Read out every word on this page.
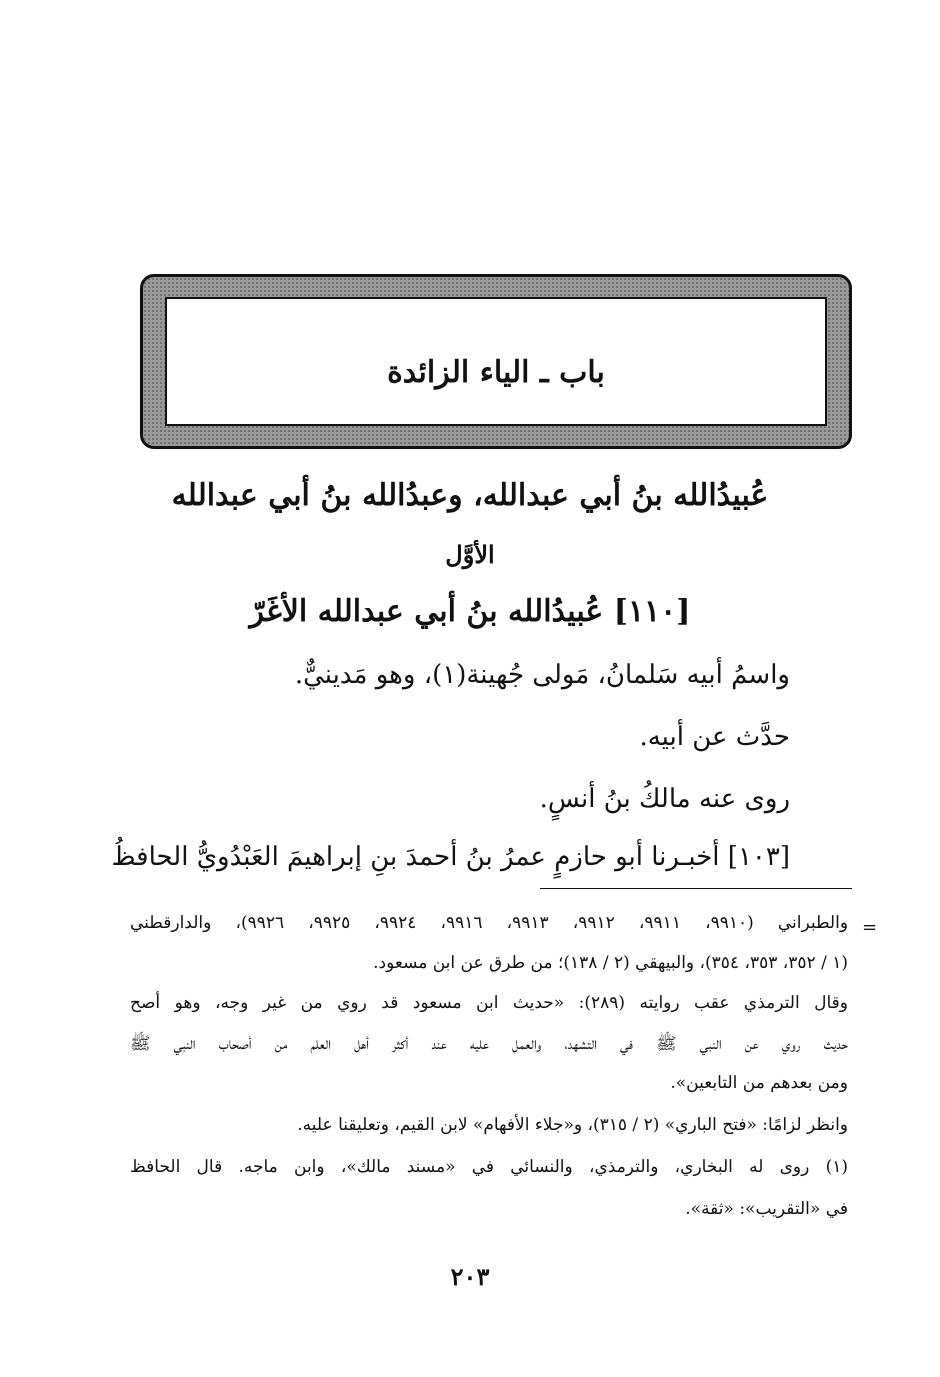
باب ـ الياء الزائدة
عُبيدُالله بنُ أبي عبدالله، وعبدُالله بنُ أبي عبدالله
الأوَّل
[١١٠] عُبيدُالله بنُ أبي عبدالله الأغَرّ
واسمُ أبيه سَلمانُ، مَولى جُهينة(١)، وهو مَدينيٌّ.
حدَّث عن أبيه.
روى عنه مالكُ بنُ أنسٍ.
[١٠٣] أخبـرنا أبو حازمٍ عمرُ بنُ أحمدَ بنِ إبراهيمَ العَبْدُويُّ الحافظُ
=
والطبراني (٩٩١٠، ٩٩١١، ٩٩١٢، ٩٩١٣، ٩٩١٦، ٩٩٢٤، ٩٩٢٥، ٩٩٢٦)، والدارقطني
(١ / ٣٥٢، ٣٥٣، ٣٥٤)، والبيهقي (٢ / ١٣٨)؛ من طرق عن ابن مسعود.
وقال الترمذي عقب روايته (٢٨٩): «حديث ابن مسعود قد روي من غير وجه، وهو أصح
حديث روي عن النبي ﷺ في التشهد، والعمل عليه عند أكثر أهل العلم من أصحاب النبي ﷺ
ومن بعدهم من التابعين».
وانظر لزامًا: «فتح الباري» (٢ / ٣١٥)، و«جلاء الأفهام» لابن القيم، وتعليقنا عليه.
(١) روى له البخاري، والترمذي، والنسائي في «مسند مالك»، وابن ماجه. قال الحافظ
في «التقريب»: «ثقة».
٢٠٣
